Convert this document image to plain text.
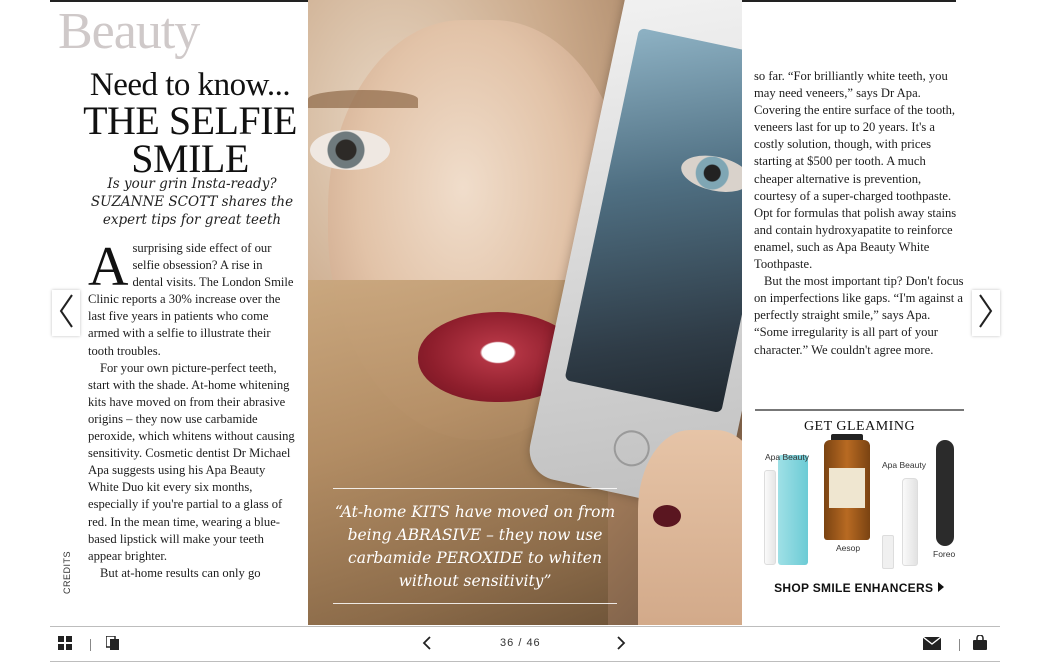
Beauty
Need to know...
THE SELFIE
SMILE
Is your grin Insta-ready? SUZANNE SCOTT shares the expert tips for great teeth

Asurprising side effect of our selfie obsession? A rise in dental visits. The London Smile Clinic reports a 30% increase over the last five years in patients who come armed with a selfie to illustrate their tooth troubles.

For your own picture-perfect teeth, start with the shade. At-home whitening kits have moved on from their abrasive origins – they now use carbamide peroxide, which whitens without causing sensitivity. Cosmetic dentist Dr Michael Apa suggests using his Apa Beauty White Duo kit every six months, especially if you're partial to a glass of red. In the mean time, wearing a blue-based lipstick will make your teeth appear brighter.

But at-home results can only go

CREDITS
“At-home KITS have moved on from being ABRASIVE – they now use carbamide PEROXIDE to whiten without sensitivity”

so far. “For brilliantly white teeth, you may need veneers,” says Dr Apa. Covering the entire surface of the tooth, veneers last for up to 20 years. It's a costly solution, though, with prices starting at $500 per tooth. A much cheaper alternative is prevention, courtesy of a super-charged toothpaste. Opt for formulas that polish away stains and contain hydroxyapatite to reinforce enamel, such as Apa Beauty White Toothpaste.

But the most important tip? Don't focus on imperfections like gaps. “I'm against a perfectly straight smile,” says Apa. “Some irregularity is all part of your character.” We couldn't agree more.

GET GLEAMING
Apa Beauty
Aesop
Apa Beauty
Foreo
SHOP SMILE ENHANCERS
36 / 46
